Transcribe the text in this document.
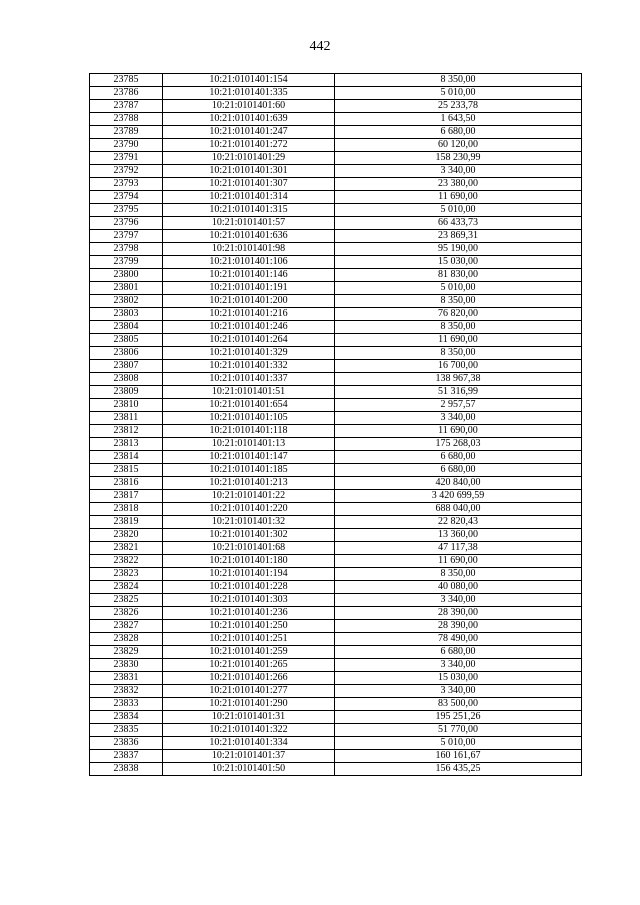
442
23785	10:21:0101401:154	8 350,00
23786	10:21:0101401:335	5 010,00
23787	10:21:0101401:60	25 233,78
23788	10:21:0101401:639	1 643,50
23789	10:21:0101401:247	6 680,00
23790	10:21:0101401:272	60 120,00
23791	10:21:0101401:29	158 230,99
23792	10:21:0101401:301	3 340,00
23793	10:21:0101401:307	23 380,00
23794	10:21:0101401:314	11 690,00
23795	10:21:0101401:315	5 010,00
23796	10:21:0101401:57	66 433,73
23797	10:21:0101401:636	23 869,31
23798	10:21:0101401:98	95 190,00
23799	10:21:0101401:106	15 030,00
23800	10:21:0101401:146	81 830,00
23801	10:21:0101401:191	5 010,00
23802	10:21:0101401:200	8 350,00
23803	10:21:0101401:216	76 820,00
23804	10:21:0101401:246	8 350,00
23805	10:21:0101401:264	11 690,00
23806	10:21:0101401:329	8 350,00
23807	10:21:0101401:332	16 700,00
23808	10:21:0101401:337	138 967,38
23809	10:21:0101401:51	51 316,99
23810	10:21:0101401:654	2 957,57
23811	10:21:0101401:105	3 340,00
23812	10:21:0101401:118	11 690,00
23813	10:21:0101401:13	175 268,03
23814	10:21:0101401:147	6 680,00
23815	10:21:0101401:185	6 680,00
23816	10:21:0101401:213	420 840,00
23817	10:21:0101401:22	3 420 699,59
23818	10:21:0101401:220	688 040,00
23819	10:21:0101401:32	22 820,43
23820	10:21:0101401:302	13 360,00
23821	10:21:0101401:68	47 117,38
23822	10:21:0101401:180	11 690,00
23823	10:21:0101401:194	8 350,00
23824	10:21:0101401:228	40 080,00
23825	10:21:0101401:303	3 340,00
23826	10:21:0101401:236	28 390,00
23827	10:21:0101401:250	28 390,00
23828	10:21:0101401:251	78 490,00
23829	10:21:0101401:259	6 680,00
23830	10:21:0101401:265	3 340,00
23831	10:21:0101401:266	15 030,00
23832	10:21:0101401:277	3 340,00
23833	10:21:0101401:290	83 500,00
23834	10:21:0101401:31	195 251,26
23835	10:21:0101401:322	51 770,00
23836	10:21:0101401:334	5 010,00
23837	10:21:0101401:37	160 161,67
23838	10:21:0101401:50	156 435,25
